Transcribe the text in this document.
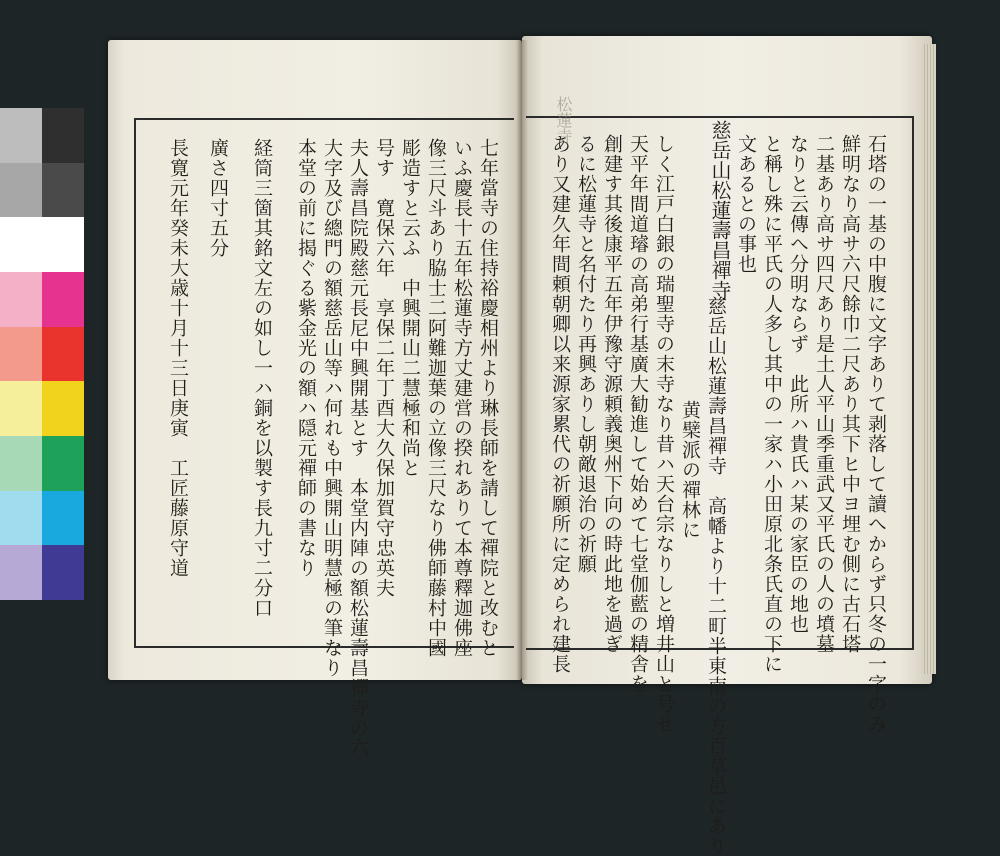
松蓮寺
石塔の一基の中腹に文字ありて剥落して讀へからず只冬の一字のみ
鮮明なり高サ六尺餘巾二尺あり其下ヒ中ヨ埋む側に古石塔
二基あり高サ四尺あり是土人平山季重武又平氏の人の墳墓
なりと云傳へ分明ならず　此所ハ貴氏ハ某の家臣の地也
と稱し殊に平氏の人多し其中の一家ハ小田原北条氏直の下に
文あるとの事也
慈岳山松蓮壽昌禪寺
慈岳山松蓮壽昌禪寺　高幡より十二町半東南の方百草邑にあり
黄檗派の禪林に
しく江戸白銀の瑞聖寺の末寺なり昔ハ天台宗なりしと増井山と号せ
天平年間道璿の高弟行基廣大勧進して始めて七堂伽藍の精舎を
創建す其後康平五年伊豫守源頼義奥州下向の時此地を過ぎ
るに松蓮寺と名付たり再興ありし朝敵退治の祈願
あり又建久年間頼朝卿以来源家累代の祈願所に定められ建長
七年當寺の住持裕慶相州より琳長師を請して禪院と改むと
いふ慶長十五年松蓮寺方丈建営の揆れありて本尊釋迦佛座
像三尺斗あり脇士二阿難迦葉の立像三尺なり佛師藤村中國
彫造すと云ふ　中興開山二慧極和尚と
号す　寛保六年　享保二年丁酉大久保加賀守忠英夫
夫人壽昌院殿慈元長尼中興開基とす　本堂内陣の額松蓮壽昌禪寺の六
大字及び總門の額慈岳山等ハ何れも中興開山明慧極の筆なり
本堂の前に揭ぐる紫金光の額ハ隠元禪師の書なり
経筒三箇其銘文左の如し一ハ銅を以製す長九寸二分口
廣さ四寸五分
長寛元年癸未大歳十月十三日庚寅　工匠藤原守道
